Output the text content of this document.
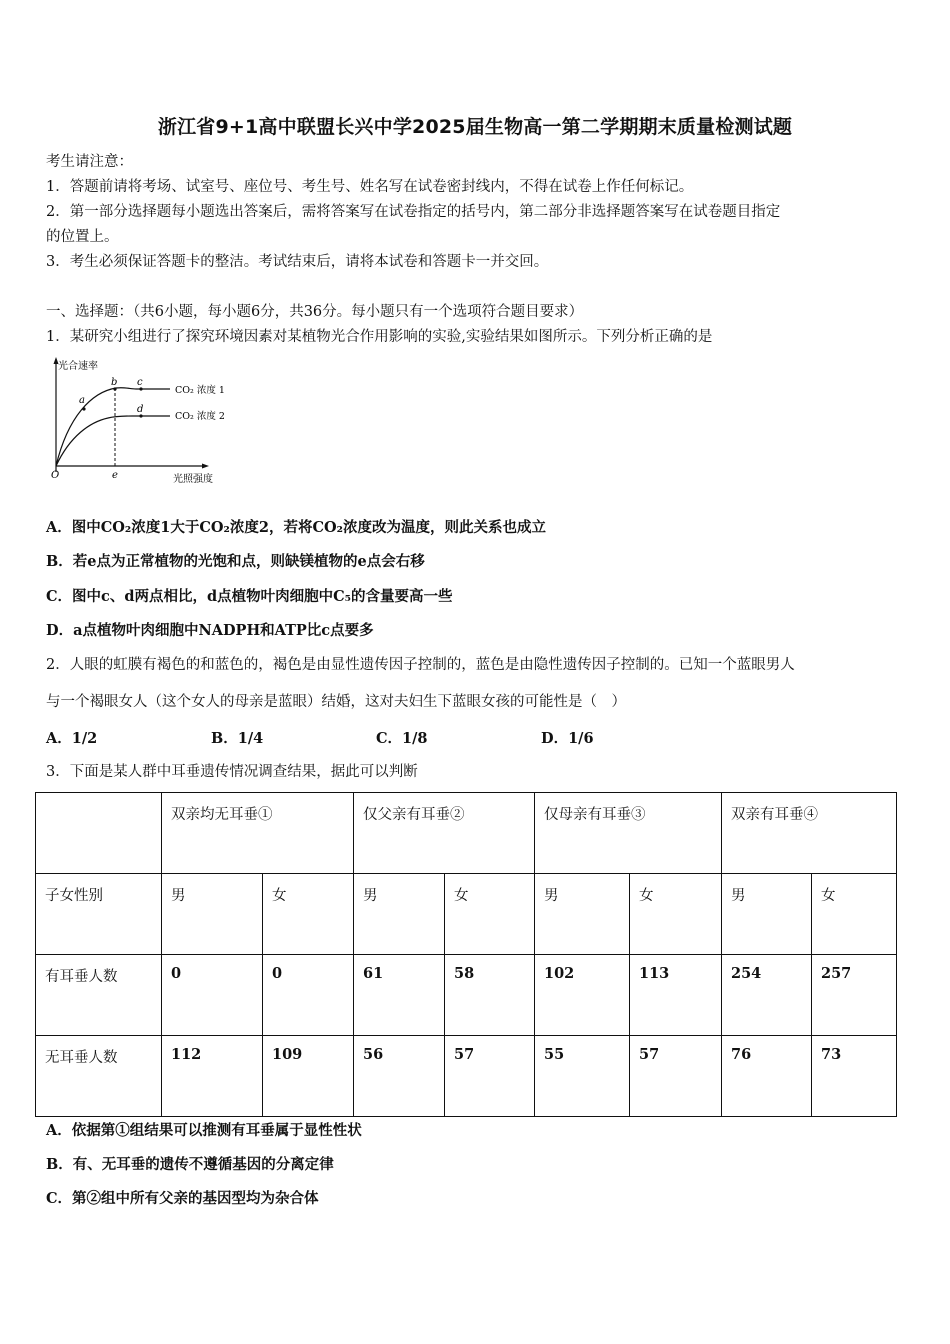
浙江省9+1高中联盟长兴中学2025届生物高一第二学期期末质量检测试题
考生请注意：
1．答题前请将考场、试室号、座位号、考生号、姓名写在试卷密封线内，不得在试卷上作任何标记。
2．第一部分选择题每小题选出答案后，需将答案写在试卷指定的括号内，第二部分非选择题答案写在试卷题目指定
的位置上。
3．考生必须保证答题卡的整洁。考试结束后，请将本试卷和答题卡一并交回。
一、选择题：（共6小题，每小题6分，共36分。每小题只有一个选项符合题目要求）
1．某研究小组进行了探究环境因素对某植物光合作用影响的实验,实验结果如图所示。下列分析正确的是
光合速率
光照强度
O
a
b c
d
e
CO₂ 浓度 1
CO₂ 浓度 2
A．图中CO₂浓度1大于CO₂浓度2，若将CO₂浓度改为温度，则此关系也成立
B．若e点为正常植物的光饱和点，则缺镁植物的e点会右移
C．图中c、d两点相比，d点植物叶肉细胞中C₅的含量要高一些
D．a点植物叶肉细胞中NADPH和ATP比c点要多
2．人眼的虹膜有褐色的和蓝色的，褐色是由显性遗传因子控制的，蓝色是由隐性遗传因子控制的。已知一个蓝眼男人
与一个褐眼女人（这个女人的母亲是蓝眼）结婚，这对夫妇生下蓝眼女孩的可能性是（　）
A．1/2	B．1/4	C．1/8	D．1/6
3．下面是某人群中耳垂遗传情况调查结果，据此可以判断
	双亲均无耳垂①		仅父亲有耳垂②		仅母亲有耳垂③		双亲有耳垂④	
子女性别	男	女	男	女	男	女	男	女
有耳垂人数	0	0	61	58	102	113	254	257
无耳垂人数	112	109	56	57	55	57	76	73
A．依据第①组结果可以推测有耳垂属于显性性状
B．有、无耳垂的遗传不遵循基因的分离定律
C．第②组中所有父亲的基因型均为杂合体
